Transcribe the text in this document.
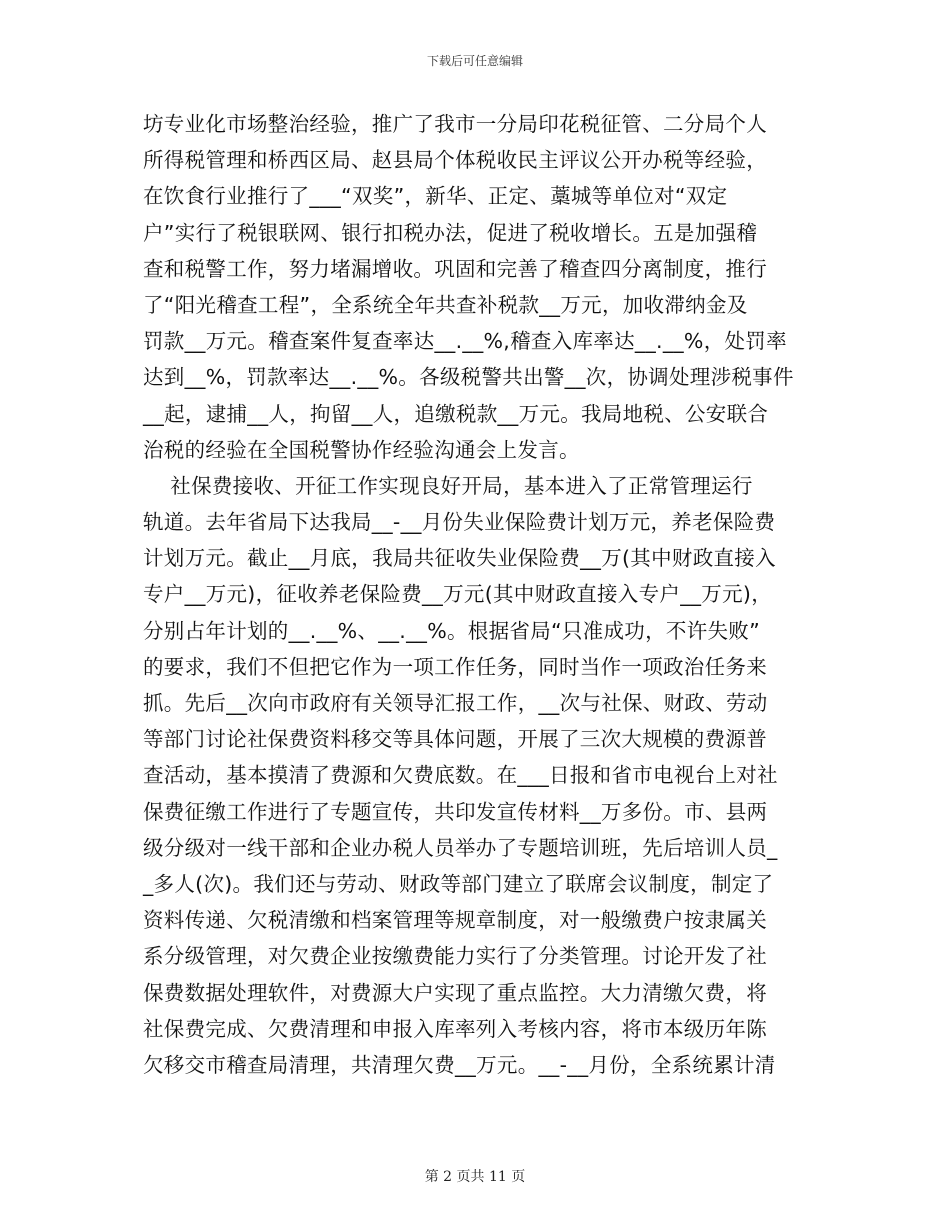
下载后可任意编辑
坊专业化市场整治经验，推广了我市一分局印花税征管、二分局个人
所得税管理和桥西区局、赵县局个体税收民主评议公开办税等经验，
在饮食行业推行了___“双奖”，新华、正定、藁城等单位对“双定
户”实行了税银联网、银行扣税办法，促进了税收增长。五是加强稽
查和税警工作，努力堵漏增收。巩固和完善了稽查四分离制度，推行
了“阳光稽查工程”，全系统全年共查补税款__万元，加收滞纳金及
罚款__万元。稽查案件复查率达__.__%,稽查入库率达__.__%，处罚率
达到__%，罚款率达__.__%。各级税警共出警__次，协调处理涉税事件
__起，逮捕__人，拘留__人，追缴税款__万元。我局地税、公安联合
治税的经验在全国税警协作经验沟通会上发言。
社保费接收、开征工作实现良好开局，基本进入了正常管理运行
轨道。去年省局下达我局__-__月份失业保险费计划万元，养老保险费
计划万元。截止__月底，我局共征收失业保险费__万(其中财政直接入
专户__万元)，征收养老保险费__万元(其中财政直接入专户__万元)，
分别占年计划的__.__%、__.__%。根据省局“只准成功，不许失败”
的要求，我们不但把它作为一项工作任务，同时当作一项政治任务来
抓。先后__次向市政府有关领导汇报工作，__次与社保、财政、劳动
等部门讨论社保费资料移交等具体问题，开展了三次大规模的费源普
查活动，基本摸清了费源和欠费底数。在___日报和省市电视台上对社
保费征缴工作进行了专题宣传，共印发宣传材料__万多份。市、县两
级分级对一线干部和企业办税人员举办了专题培训班，先后培训人员_
_多人(次)。我们还与劳动、财政等部门建立了联席会议制度，制定了
资料传递、欠税清缴和档案管理等规章制度，对一般缴费户按隶属关
系分级管理，对欠费企业按缴费能力实行了分类管理。讨论开发了社
保费数据处理软件，对费源大户实现了重点监控。大力清缴欠费，将
社保费完成、欠费清理和申报入库率列入考核内容，将市本级历年陈
欠移交市稽查局清理，共清理欠费__万元。__-__月份，全系统累计清
第 2 页共 11 页
